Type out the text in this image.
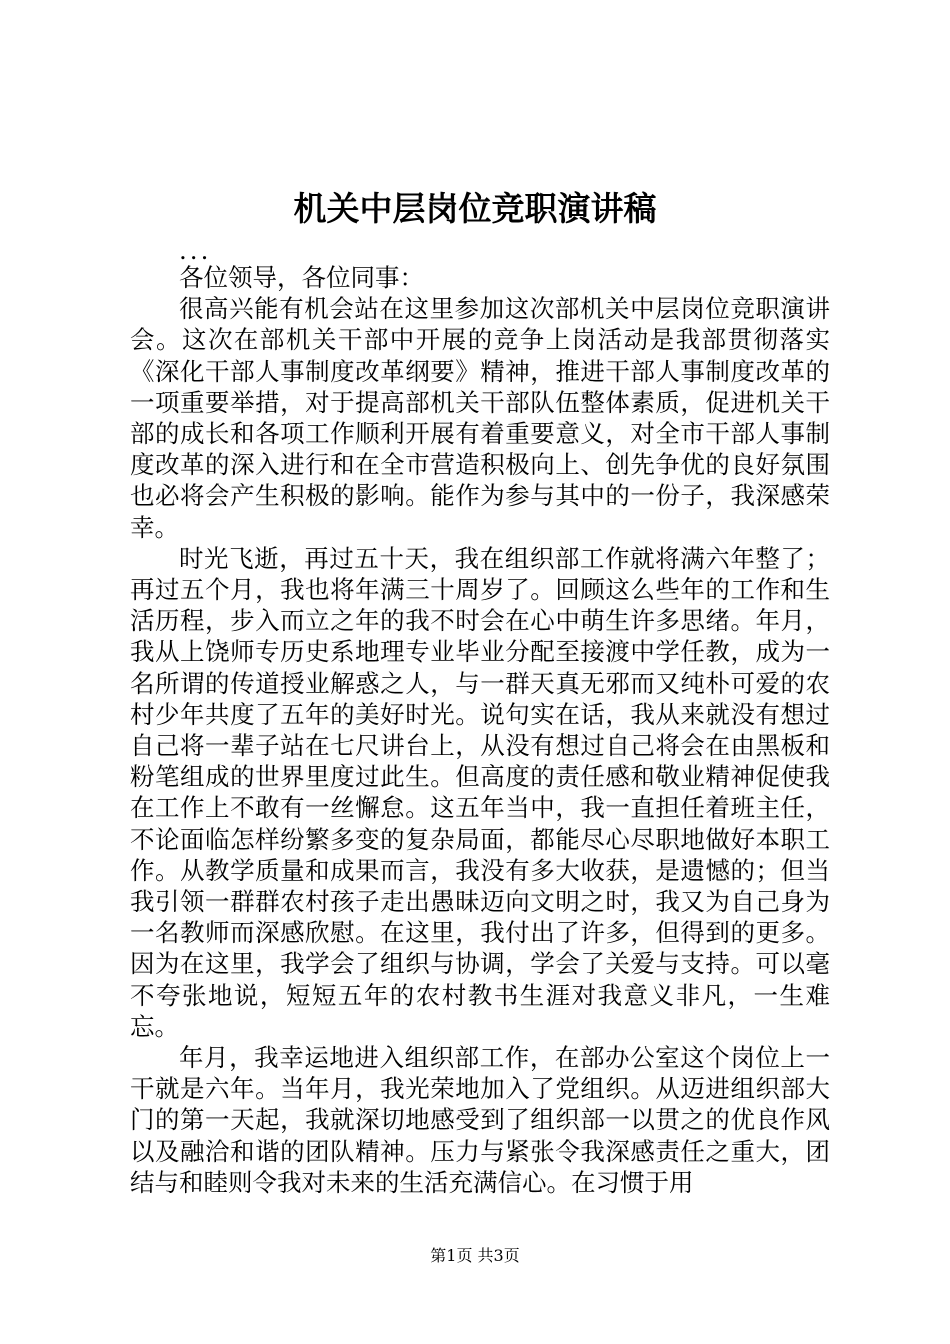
机关中层岗位竞职演讲稿

...

各位领导，各位同事：

很高兴能有机会站在这里参加这次部机关中层岗位竞职演讲会。这次在部机关干部中开展的竞争上岗活动是我部贯彻落实《深化干部人事制度改革纲要》精神，推进干部人事制度改革的一项重要举措，对于提高部机关干部队伍整体素质，促进机关干部的成长和各项工作顺利开展有着重要意义，对全市干部人事制度改革的深入进行和在全市营造积极向上、创先争优的良好氛围也必将会产生积极的影响。能作为参与其中的一份子，我深感荣幸。

时光飞逝，再过五十天，我在组织部工作就将满六年整了；再过五个月，我也将年满三十周岁了。回顾这么些年的工作和生活历程，步入而立之年的我不时会在心中萌生许多思绪。年月，我从上饶师专历史系地理专业毕业分配至接渡中学任教，成为一名所谓的传道授业解惑之人，与一群天真无邪而又纯朴可爱的农村少年共度了五年的美好时光。说句实在话，我从来就没有想过自己将一辈子站在七尺讲台上，从没有想过自己将会在由黑板和粉笔组成的世界里度过此生。但高度的责任感和敬业精神促使我在工作上不敢有一丝懈怠。这五年当中，我一直担任着班主任，不论面临怎样纷繁多变的复杂局面，都能尽心尽职地做好本职工作。从教学质量和成果而言，我没有多大收获，是遗憾的；但当我引领一群群农村孩子走出愚昧迈向文明之时，我又为自己身为一名教师而深感欣慰。在这里，我付出了许多，但得到的更多。因为在这里，我学会了组织与协调，学会了关爱与支持。可以毫不夸张地说，短短五年的农村教书生涯对我意义非凡，一生难忘。

年月，我幸运地进入组织部工作，在部办公室这个岗位上一干就是六年。当年月，我光荣地加入了党组织。从迈进组织部大门的第一天起，我就深切地感受到了组织部一以贯之的优良作风以及融洽和谐的团队精神。压力与紧张令我深感责任之重大，团结与和睦则令我对未来的生活充满信心。在习惯于用

第1页 共3页
